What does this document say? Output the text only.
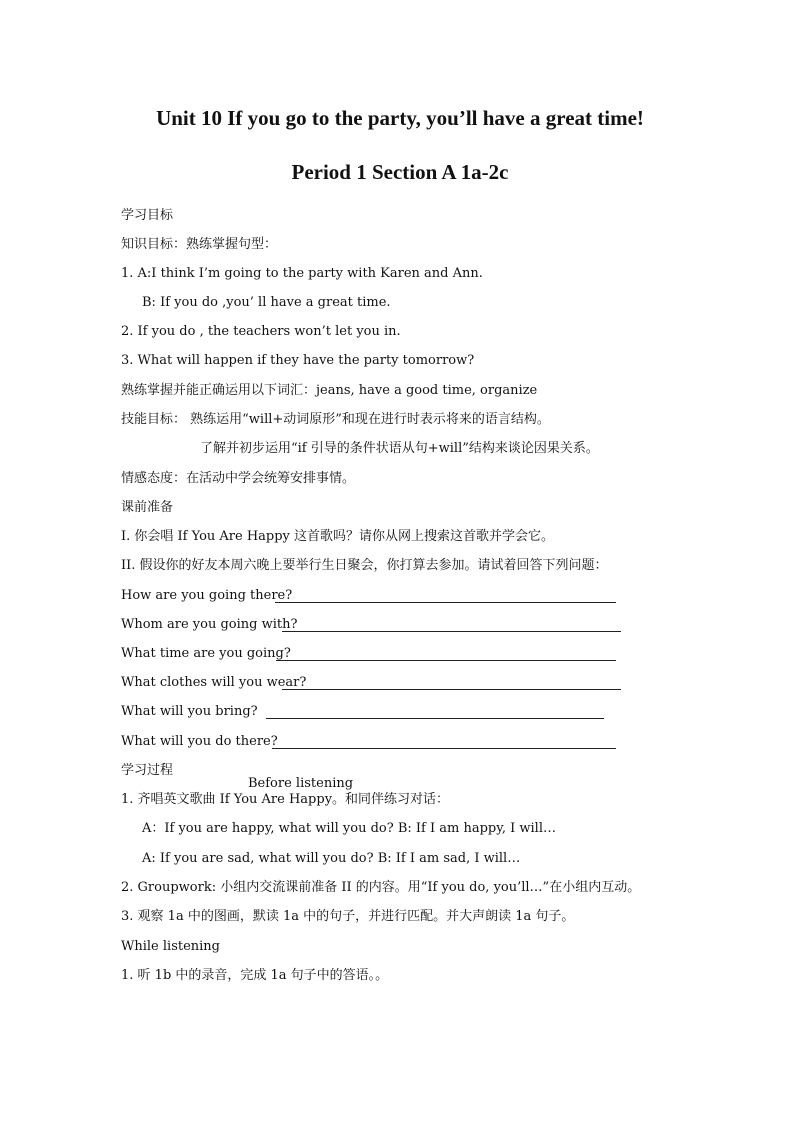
Unit 10 If you go to the party, you’ll have a great time!
Period 1 Section A 1a-2c

学习目标

知识目标：熟练掌握句型：

1. A:I think I’m going to the party with Karen and Ann.

B: If you do ,you’ ll have a great time.

2. If you do , the teachers won’t let you in.

3. What will happen if they have the party tomorrow?

熟练掌握并能正确运用以下词汇：jeans, have a good time, organize

技能目标： 熟练运用“will+动词原形”和现在进行时表示将来的语言结构。

了解并初步运用“if 引导的条件状语从句+will”结构来谈论因果关系。

情感态度：在活动中学会统筹安排事情。

课前准备

I. 你会唱 If You Are Happy 这首歌吗？请你从网上搜索这首歌并学会它。

II. 假设你的好友本周六晚上要举行生日聚会，你打算去参加。请试着回答下列问题：

How are you going there?
Whom are you going with?
What time are you going?
What clothes will you wear?
What will you bring?
What will you do there?

学习过程

Before listening

1. 齐唱英文歌曲 If You Are Happy。和同伴练习对话：

A：If you are happy, what will you do? B: If I am happy, I will…

A: If you are sad, what will you do? B: If I am sad, I will…

2. Groupwork: 小组内交流课前准备 II 的内容。用“If you do, you’ll…”在小组内互动。

3. 观察 1a 中的图画，默读 1a 中的句子，并进行匹配。并大声朗读 1a 句子。

While listening

1. 听 1b 中的录音，完成 1a 句子中的答语。。
